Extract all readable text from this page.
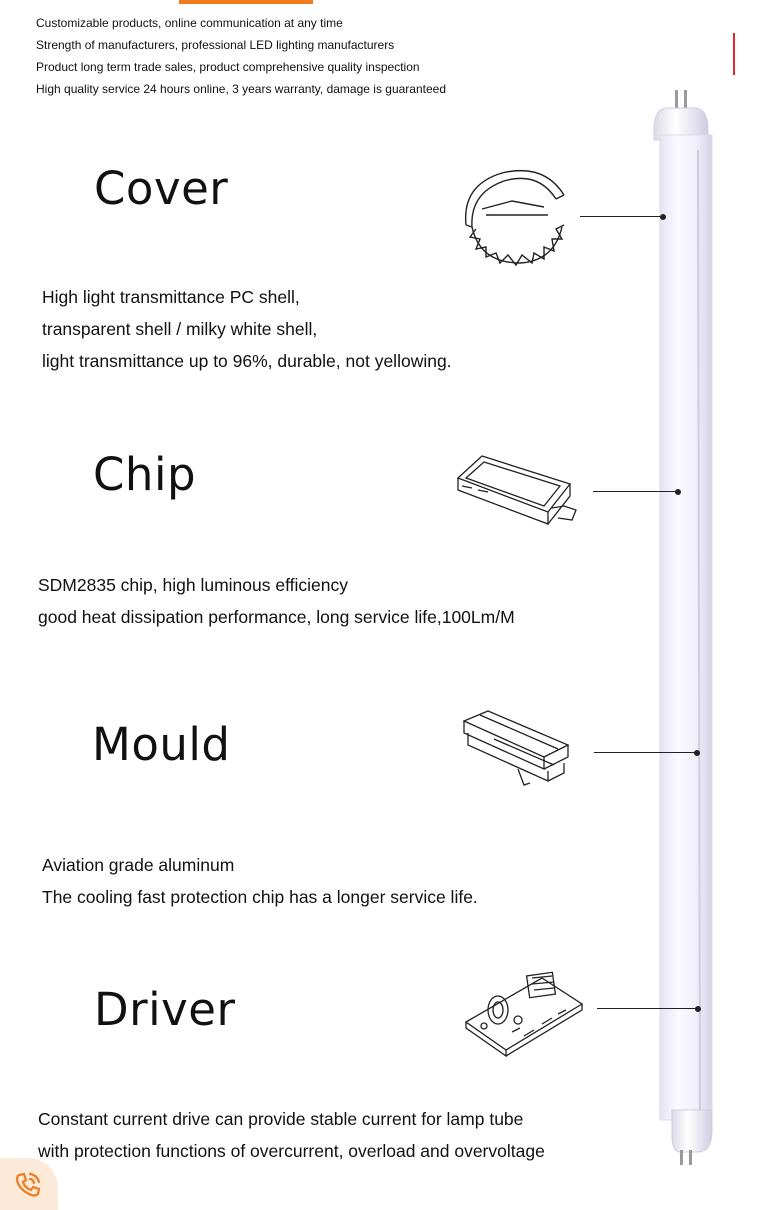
Customizable products, online communication at any time
Strength of manufacturers, professional LED lighting manufacturers
Product long term trade sales, product comprehensive quality inspection
High quality service 24 hours online, 3 years warranty, damage is guaranteed
Cover
High light transmittance PC shell,
transparent shell / milky white shell,
light transmittance up to 96%, durable, not yellowing.
Chip
SDM2835 chip, high luminous efficiency
good heat dissipation performance, long service life,100Lm/M
Mould
Aviation grade aluminum
The cooling fast protection chip has a longer service life.
Driver
Constant current drive can provide stable current for lamp tube
with protection functions of overcurrent, overload and overvoltage
